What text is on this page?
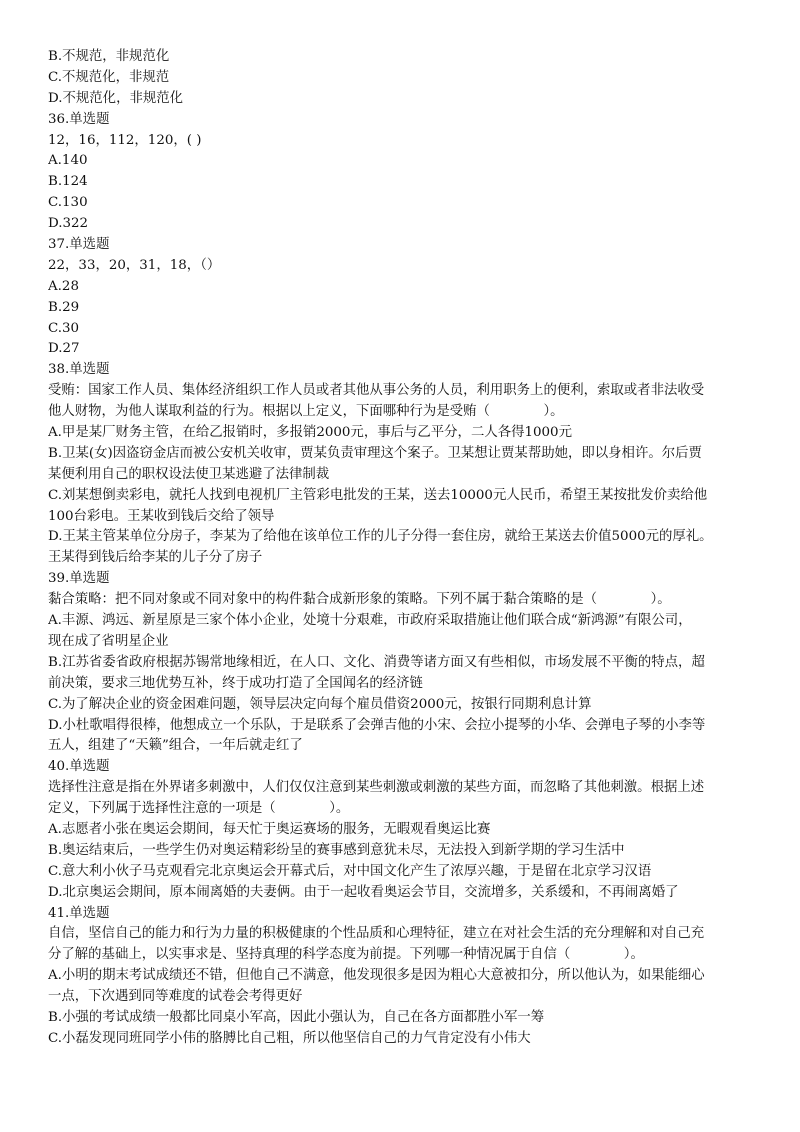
B.不规范，非规范化
C.不规范化，非规范
D.不规范化，非规范化
36.单选题
12，16，112，120，( )
A.140
B.124
C.130
D.322
37.单选题
22，33，20，31，18，（）
A.28
B.29
C.30
D.27
38.单选题
受贿：国家工作人员、集体经济组织工作人员或者其他从事公务的人员，利用职务上的便利，索取或者非法收受
他人财物，为他人谋取利益的行为。根据以上定义，下面哪种行为是受贿（　　　　）。
A.甲是某厂财务主管，在给乙报销时，多报销2000元，事后与乙平分，二人各得1000元
B.卫某(女)因盗窃金店而被公安机关收审，贾某负责审理这个案子。卫某想让贾某帮助她，即以身相许。尔后贾
某便利用自己的职权设法使卫某逃避了法律制裁
C.刘某想倒卖彩电，就托人找到电视机厂主管彩电批发的王某，送去10000元人民币，希望王某按批发价卖给他
100台彩电。王某收到钱后交给了领导
D.王某主管某单位分房子，李某为了给他在该单位工作的儿子分得一套住房，就给王某送去价值5000元的厚礼。
王某得到钱后给李某的儿子分了房子
39.单选题
黏合策略：把不同对象或不同对象中的构件黏合成新形象的策略。下列不属于黏合策略的是（　　　　）。
A.丰源、鸿远、新星原是三家个体小企业，处境十分艰难，市政府采取措施让他们联合成“新鸿源”有限公司，
现在成了省明星企业
B.江苏省委省政府根据苏锡常地缘相近，在人口、文化、消费等诸方面又有些相似，市场发展不平衡的特点，超
前决策，要求三地优势互补，终于成功打造了全国闻名的经济链
C.为了解决企业的资金困难问题，领导层决定向每个雇员借资2000元，按银行同期利息计算
D.小杜歌唱得很棒，他想成立一个乐队，于是联系了会弹吉他的小宋、会拉小提琴的小华、会弹电子琴的小李等
五人，组建了“天籁”组合，一年后就走红了
40.单选题
选择性注意是指在外界诸多刺激中，人们仅仅注意到某些刺激或刺激的某些方面，而忽略了其他刺激。根据上述
定义，下列属于选择性注意的一项是（　　　　）。
A.志愿者小张在奥运会期间，每天忙于奥运赛场的服务，无暇观看奥运比赛
B.奥运结束后，一些学生仍对奥运精彩纷呈的赛事感到意犹未尽，无法投入到新学期的学习生活中
C.意大利小伙子马克观看完北京奥运会开幕式后，对中国文化产生了浓厚兴趣，于是留在北京学习汉语
D.北京奥运会期间，原本闹离婚的夫妻俩。由于一起收看奥运会节目，交流增多，关系缓和，不再闹离婚了
41.单选题
自信，坚信自己的能力和行为力量的积极健康的个性品质和心理特征，建立在对社会生活的充分理解和对自己充
分了解的基础上，以实事求是、坚持真理的科学态度为前提。下列哪一种情况属于自信（　　　　）。
A.小明的期末考试成绩还不错，但他自己不满意，他发现很多是因为粗心大意被扣分，所以他认为，如果能细心
一点，下次遇到同等难度的试卷会考得更好
B.小强的考试成绩一般都比同桌小军高，因此小强认为，自己在各方面都胜小军一筹
C.小磊发现同班同学小伟的胳膊比自己粗，所以他坚信自己的力气肯定没有小伟大
